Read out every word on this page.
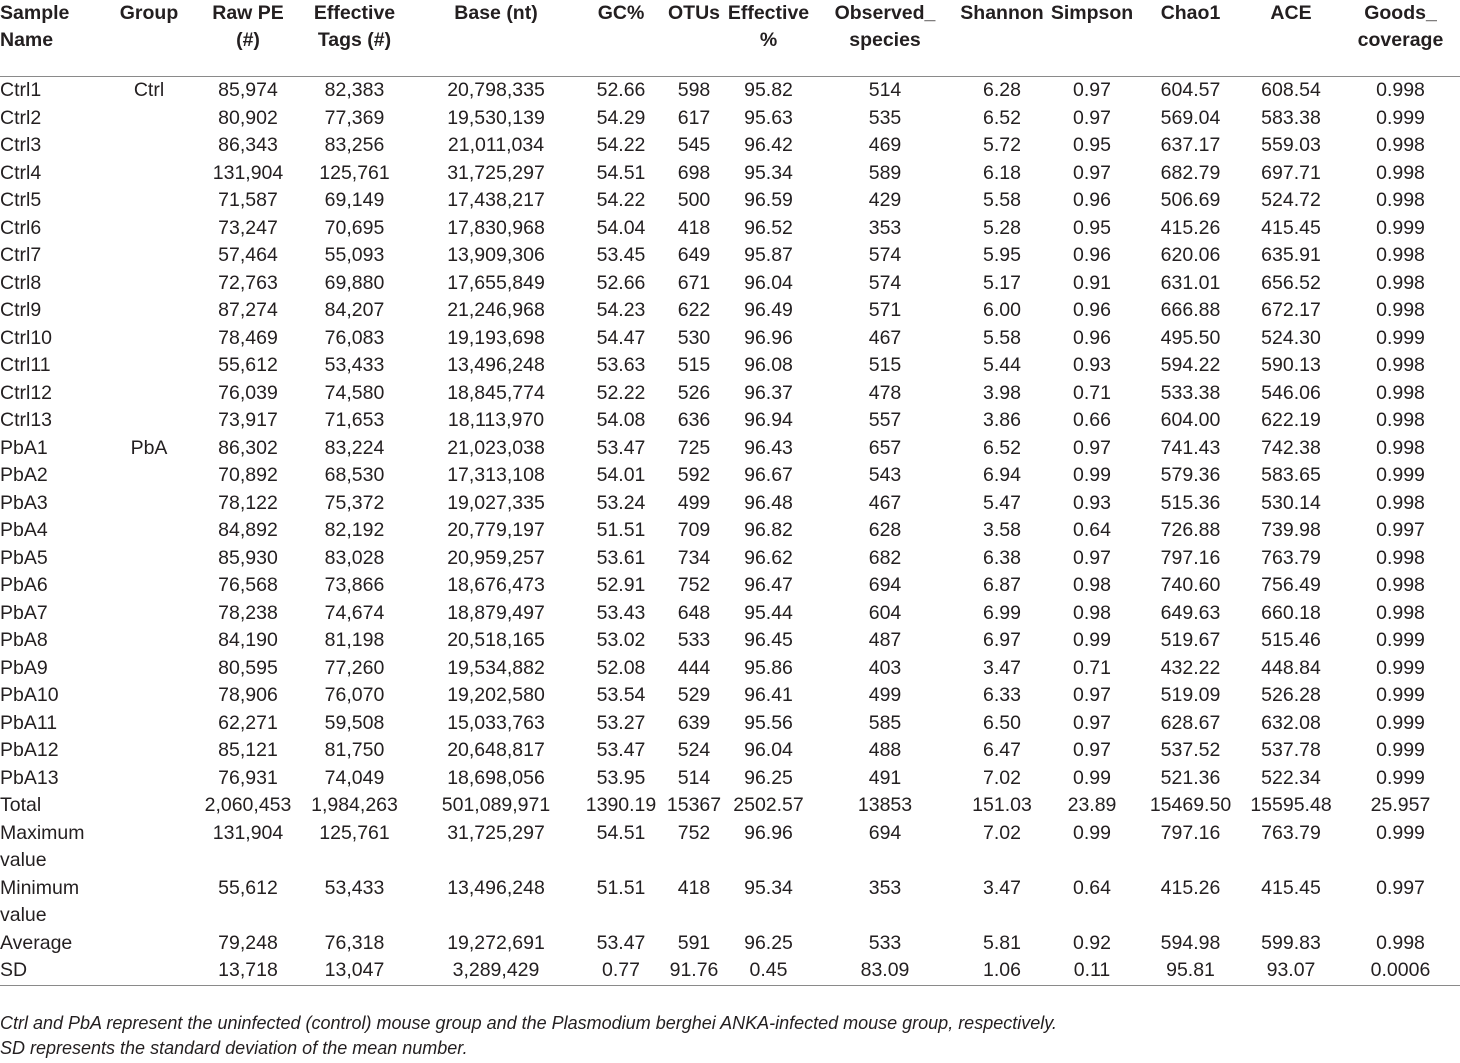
Sample Name	Group	Raw PE (#)	Effective Tags (#)	Base (nt)	GC%	OTUs	Effective %	Observed_ species	Shannon	Simpson	Chao1	ACE	Goods_ coverage
Ctrl1	Ctrl	85,974	82,383	20,798,335	52.66	598	95.82	514	6.28	0.97	604.57	608.54	0.998
Ctrl2		80,902	77,369	19,530,139	54.29	617	95.63	535	6.52	0.97	569.04	583.38	0.999
Ctrl3		86,343	83,256	21,011,034	54.22	545	96.42	469	5.72	0.95	637.17	559.03	0.998
Ctrl4		131,904	125,761	31,725,297	54.51	698	95.34	589	6.18	0.97	682.79	697.71	0.998
Ctrl5		71,587	69,149	17,438,217	54.22	500	96.59	429	5.58	0.96	506.69	524.72	0.998
Ctrl6		73,247	70,695	17,830,968	54.04	418	96.52	353	5.28	0.95	415.26	415.45	0.999
Ctrl7		57,464	55,093	13,909,306	53.45	649	95.87	574	5.95	0.96	620.06	635.91	0.998
Ctrl8		72,763	69,880	17,655,849	52.66	671	96.04	574	5.17	0.91	631.01	656.52	0.998
Ctrl9		87,274	84,207	21,246,968	54.23	622	96.49	571	6.00	0.96	666.88	672.17	0.998
Ctrl10		78,469	76,083	19,193,698	54.47	530	96.96	467	5.58	0.96	495.50	524.30	0.999
Ctrl11		55,612	53,433	13,496,248	53.63	515	96.08	515	5.44	0.93	594.22	590.13	0.998
Ctrl12		76,039	74,580	18,845,774	52.22	526	96.37	478	3.98	0.71	533.38	546.06	0.998
Ctrl13		73,917	71,653	18,113,970	54.08	636	96.94	557	3.86	0.66	604.00	622.19	0.998
PbA1	PbA	86,302	83,224	21,023,038	53.47	725	96.43	657	6.52	0.97	741.43	742.38	0.998
PbA2		70,892	68,530	17,313,108	54.01	592	96.67	543	6.94	0.99	579.36	583.65	0.999
PbA3		78,122	75,372	19,027,335	53.24	499	96.48	467	5.47	0.93	515.36	530.14	0.998
PbA4		84,892	82,192	20,779,197	51.51	709	96.82	628	3.58	0.64	726.88	739.98	0.997
PbA5		85,930	83,028	20,959,257	53.61	734	96.62	682	6.38	0.97	797.16	763.79	0.998
PbA6		76,568	73,866	18,676,473	52.91	752	96.47	694	6.87	0.98	740.60	756.49	0.998
PbA7		78,238	74,674	18,879,497	53.43	648	95.44	604	6.99	0.98	649.63	660.18	0.998
PbA8		84,190	81,198	20,518,165	53.02	533	96.45	487	6.97	0.99	519.67	515.46	0.999
PbA9		80,595	77,260	19,534,882	52.08	444	95.86	403	3.47	0.71	432.22	448.84	0.999
PbA10		78,906	76,070	19,202,580	53.54	529	96.41	499	6.33	0.97	519.09	526.28	0.999
PbA11		62,271	59,508	15,033,763	53.27	639	95.56	585	6.50	0.97	628.67	632.08	0.999
PbA12		85,121	81,750	20,648,817	53.47	524	96.04	488	6.47	0.97	537.52	537.78	0.999
PbA13		76,931	74,049	18,698,056	53.95	514	96.25	491	7.02	0.99	521.36	522.34	0.999
Total		2,060,453	1,984,263	501,089,971	1390.19	15367	2502.57	13853	151.03	23.89	15469.50	15595.48	25.957
Maximum value		131,904	125,761	31,725,297	54.51	752	96.96	694	7.02	0.99	797.16	763.79	0.999
Minimum value		55,612	53,433	13,496,248	51.51	418	95.34	353	3.47	0.64	415.26	415.45	0.997
Average		79,248	76,318	19,272,691	53.47	591	96.25	533	5.81	0.92	594.98	599.83	0.998
SD		13,718	13,047	3,289,429	0.77	91.76	0.45	83.09	1.06	0.11	95.81	93.07	0.0006
Ctrl and PbA represent the uninfected (control) mouse group and the Plasmodium berghei ANKA-infected mouse group, respectively.
SD represents the standard deviation of the mean number.
